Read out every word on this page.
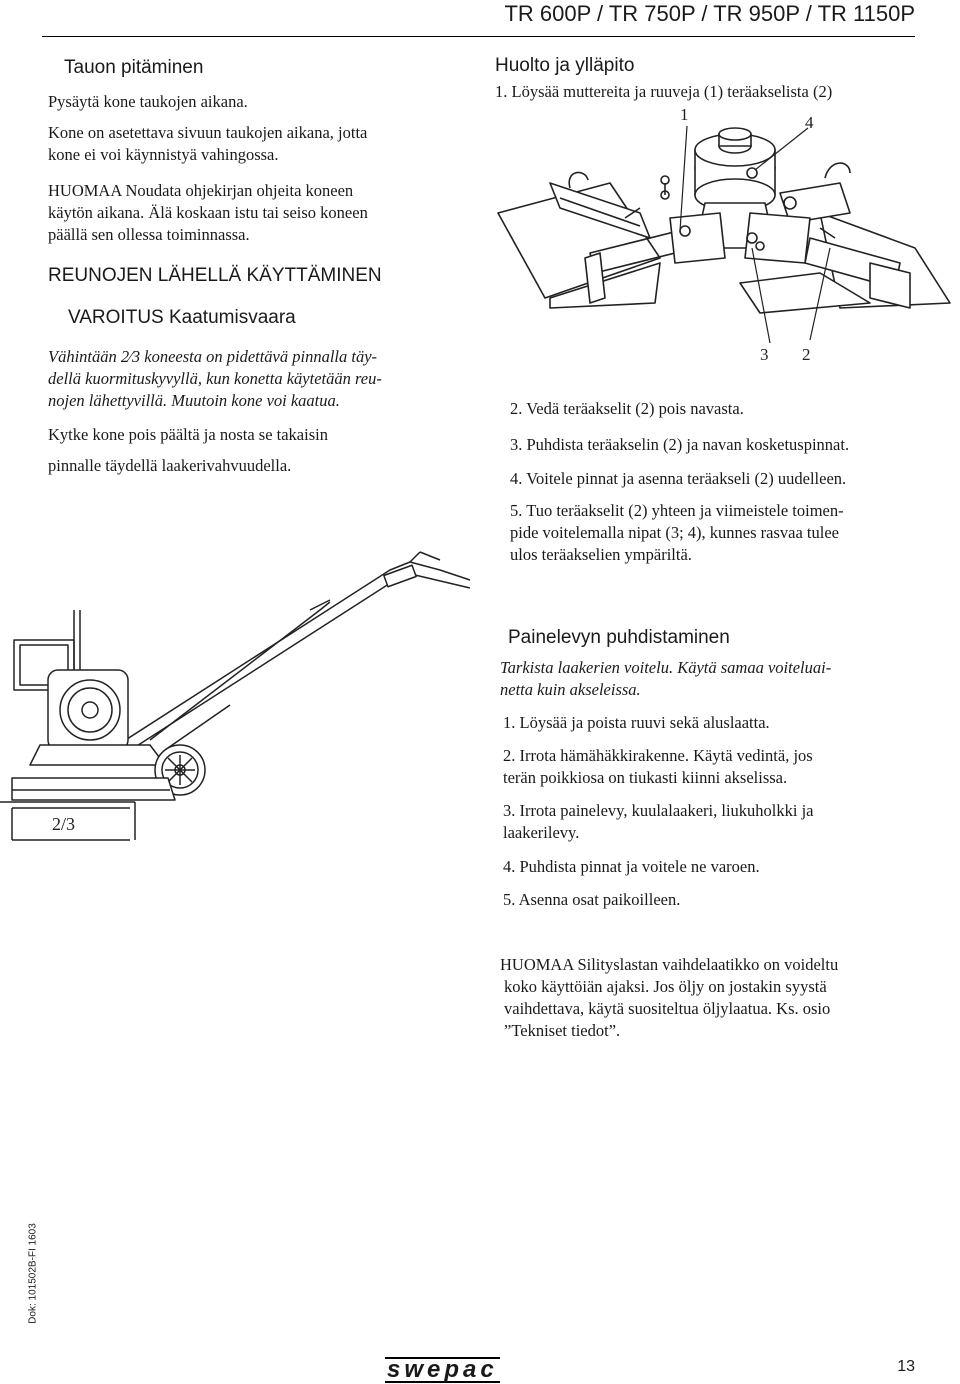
TR 600P / TR 750P / TR 950P / TR 1150P
Tauon pitäminen
Pysäytä kone taukojen aikana.
Kone on asetettava sivuun taukojen aikana, jotta
kone ei voi käynnistyä vahingossa.
HUOMAA Noudata ohjekirjan ohjeita koneen
käytön aikana. Älä koskaan istu tai seiso koneen
päällä sen ollessa toiminnassa.
REUNOJEN LÄHELLÄ KÄYTTÄMINEN
VAROITUS Kaatumisvaara
Vähintään 2⁄3 koneesta on pidettävä pinnalla täy-
dellä kuormituskyvyllä, kun konetta käytetään reu-
nojen lähettyvillä. Muutoin kone voi kaatua.
Kytke kone pois päältä ja nosta se takaisin
pinnalle täydellä laakerivahvuudella.
Huolto ja ylläpito
1. Löysää muttereita ja ruuveja (1) teräakselista (2)
2. Vedä teräakselit (2) pois navasta.
3. Puhdista teräakselin (2) ja navan kosketuspinnat.
4. Voitele pinnat ja asenna teräakseli (2) uudelleen.
5. Tuo teräakselit (2) yhteen ja viimeistele toimen-
pide voitelemalla nipat (3; 4), kunnes rasvaa tulee
ulos teräakselien ympäriltä.
Painelevyn puhdistaminen
Tarkista laakerien voitelu. Käytä samaa voiteluai-
netta kuin akseleissa.
1. Löysää ja poista ruuvi sekä aluslaatta.
2. Irrota hämähäkkirakenne. Käytä vedintä, jos
terän poikkiosa on tiukasti kiinni akselissa.
3. Irrota painelevy, kuulalaakeri, liukuholkki ja
laakerilevy.
4. Puhdista pinnat ja voitele ne varoen.
5. Asenna osat paikoilleen.
HUOMAA Silityslastan vaihdelaatikko on voideltu
koko käyttöiän ajaksi. Jos öljy on jostakin syystä
vaihdettava, käytä suositeltua öljylaatua. Ks. osio
”Tekniset tiedot”.
1	4
3 2
2/3
Dok: 101502B-FI 1603
swepac	13
